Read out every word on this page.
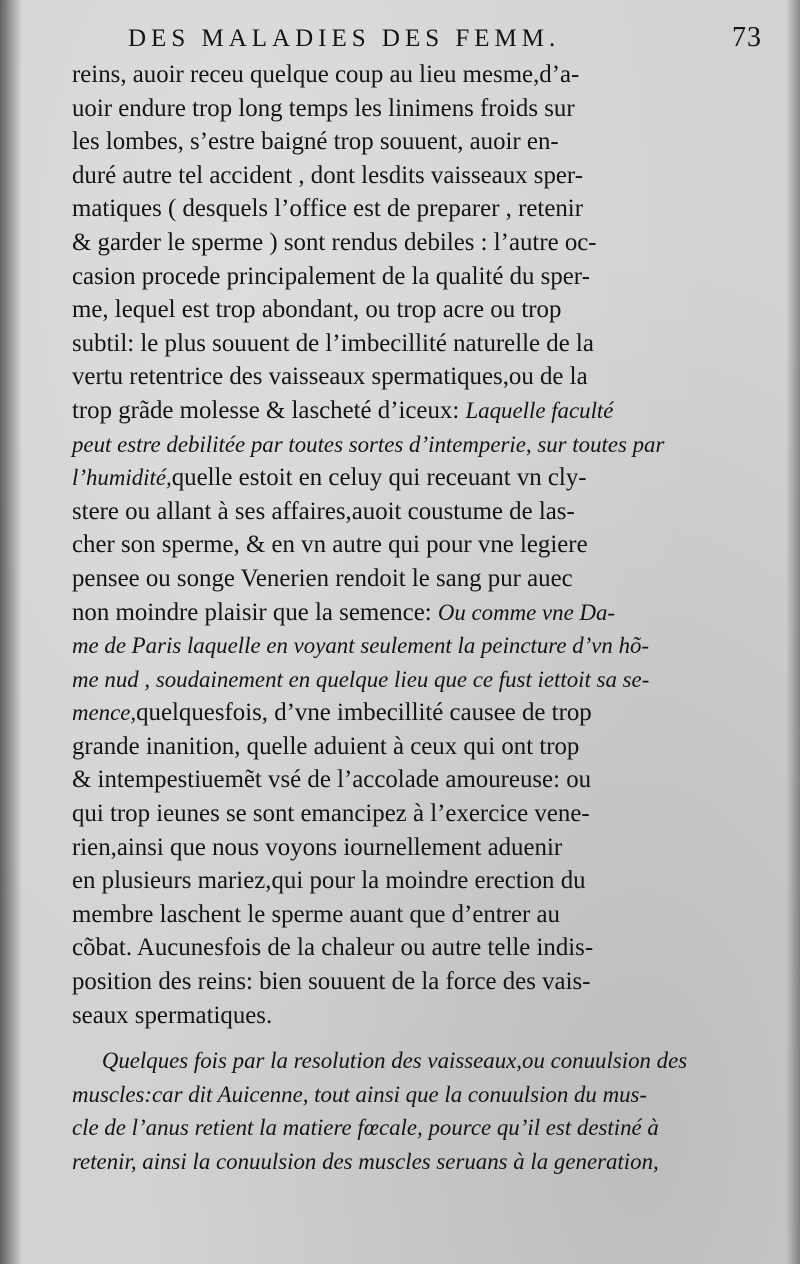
DES MALADIES DES FEMM.	73
reins, auoir receu quelque coup au lieu mesme,d’a-
uoir endure trop long temps les linimens froids sur
les lombes, s’estre baigné trop souuent, auoir en-
duré autre tel accident , dont lesdits vaisseaux sper-
matiques ( desquels l’office est de preparer , retenir
& garder le sperme ) sont rendus debiles : l’autre oc-
casion procede principalement de la qualité du sper-
me, lequel est trop abondant, ou trop acre ou trop
subtil: le plus souuent de l’imbecillité naturelle de la
vertu retentrice des vaisseaux spermatiques,ou de la
trop grãde molesse & lascheté d’iceux: Laquelle faculté
peut estre debilitée par toutes sortes d’intemperie, sur toutes par
l’humidité,quelle estoit en celuy qui receuant vn cly-
stere ou allant à ses affaires,auoit coustume de las-
cher son sperme, & en vn autre qui pour vne legiere
pensee ou songe Venerien rendoit le sang pur auec
non moindre plaisir que la semence: Ou comme vne Da-
me de Paris laquelle en voyant seulement la peincture d’vn hõ-
me nud , soudainement en quelque lieu que ce fust iettoit sa se-
mence,quelquesfois, d’vne imbecillité causee de trop
grande inanition, quelle aduient à ceux qui ont trop
& intempestiuemẽt vsé de l’accolade amoureuse: ou
qui trop ieunes se sont emancipez à l’exercice vene-
rien,ainsi que nous voyons iournellement aduenir
en plusieurs mariez,qui pour la moindre erection du
membre laschent le sperme auant que d’entrer au
cõbat. Aucunesfois de la chaleur ou autre telle indis-
position des reins: bien souuent de la force des vais-
seaux spermatiques.
Quelques fois par la resolution des vaisseaux,ou conuulsion des
muscles:car dit Auicenne, tout ainsi que la conuulsion du mus-
cle de l’anus retient la matiere fœcale, pource qu’il est destiné à
retenir, ainsi la conuulsion des muscles seruans à la generation,
